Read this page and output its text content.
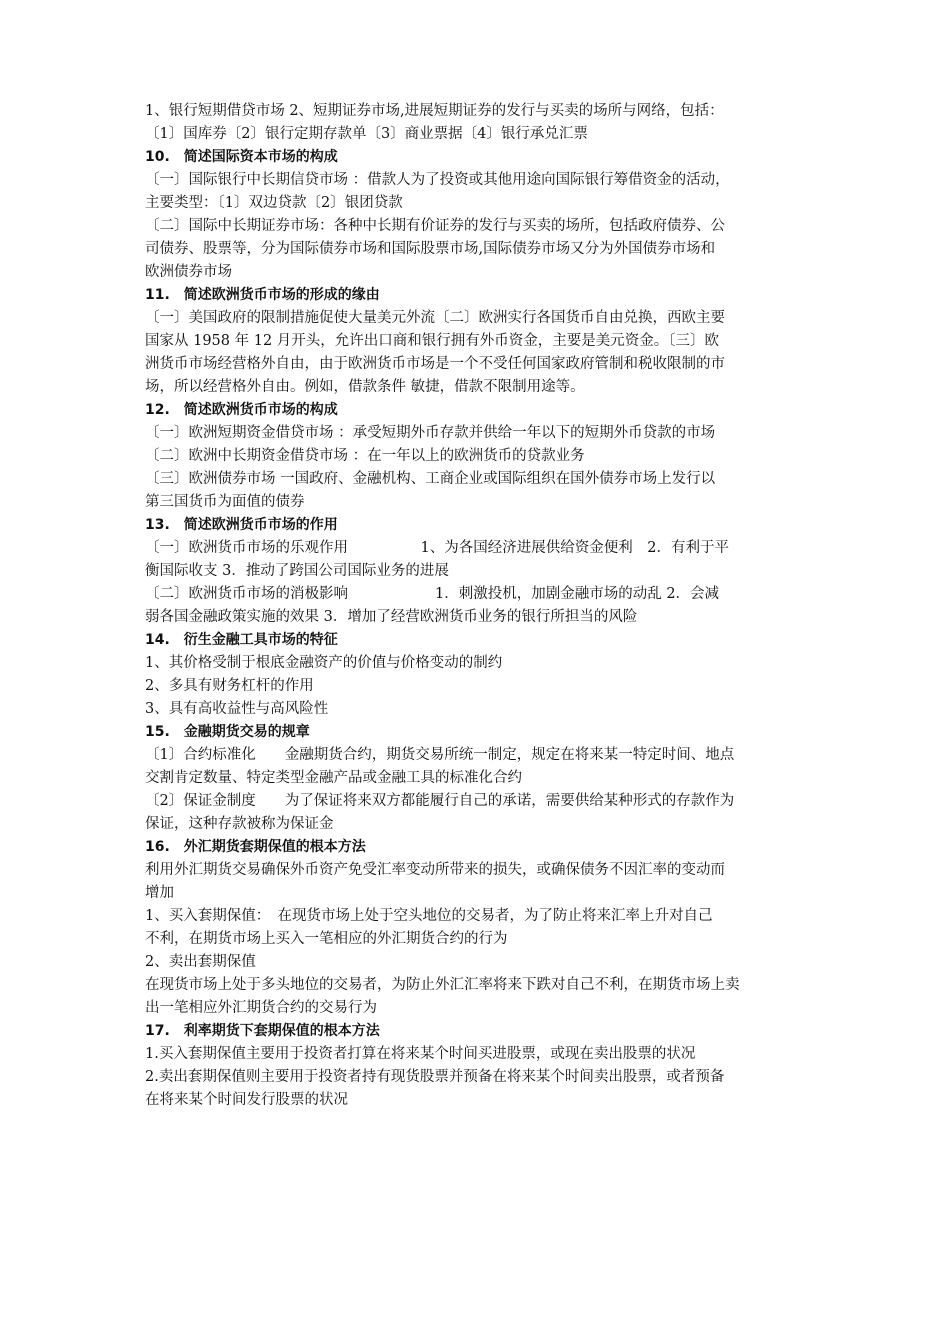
1、银行短期借贷市场 2、短期证券市场,进展短期证券的发行与买卖的场所与网络，包括：
〔1〕国库券〔2〕银行定期存款单〔3〕商业票据〔4〕银行承兑汇票
10.　简述国际资本市场的构成
〔一〕国际银行中长期信贷市场 ：借款人为了投资或其他用途向国际银行筹借资金的活动，
主要类型：〔1〕双边贷款〔2〕银团贷款
〔二〕国际中长期证券市场：各种中长期有价证券的发行与买卖的场所，包括政府债券、公
司债券、股票等，分为国际债券市场和国际股票市场,国际债券市场又分为外国债券市场和
欧洲债券市场
11.　简述欧洲货币市场的形成的缘由
〔一〕美国政府的限制措施促使大量美元外流〔二〕欧洲实行各国货币自由兑换，西欧主要
国家从 1958 年 12 月开头，允许出口商和银行拥有外币资金，主要是美元资金。〔三〕欧
洲货币市场经营格外自由，由于欧洲货币市场是一个不受任何国家政府管制和税收限制的市
场，所以经营格外自由。例如，借款条件 敏捷，借款不限制用途等。
12.　简述欧洲货币市场的构成
〔一〕欧洲短期资金借贷市场 ：承受短期外币存款并供给一年以下的短期外币贷款的市场
〔二〕欧洲中长期资金借贷市场 ：在一年以上的欧洲货币的贷款业务
〔三〕欧洲债券市场 一国政府、金融机构、工商企业或国际组织在国外债券市场上发行以
第三国货币为面值的债券
13.　简述欧洲货币市场的作用
〔一〕欧洲货币市场的乐观作用　　　　　1、为各国经济进展供给资金便利　2．有利于平
衡国际收支 3．推动了跨国公司国际业务的进展
〔二〕欧洲货币市场的消极影响　　　　　　1．刺激投机，加剧金融市场的动乱 2．会减
弱各国金融政策实施的效果 3．增加了经营欧洲货币业务的银行所担当的风险
14.　衍生金融工具市场的特征
1、其价格受制于根底金融资产的价值与价格变动的制约
2、多具有财务杠杆的作用
3、具有高收益性与高风险性
15.　金融期货交易的规章
〔1〕合约标准化　　金融期货合约，期货交易所统一制定，规定在将来某一特定时间、地点
交割肯定数量、特定类型金融产品或金融工具的标准化合约
〔2〕保证金制度　　为了保证将来双方都能履行自己的承诺，需要供给某种形式的存款作为
保证，这种存款被称为保证金
16.　外汇期货套期保值的根本方法
利用外汇期货交易确保外币资产免受汇率变动所带来的损失，或确保债务不因汇率的变动而
增加
1、买入套期保值：　在现货市场上处于空头地位的交易者，为了防止将来汇率上升对自己
不利，在期货市场上买入一笔相应的外汇期货合约的行为
2、卖出套期保值
在现货市场上处于多头地位的交易者，为防止外汇汇率将来下跌对自己不利，在期货市场上卖
出一笔相应外汇期货合约的交易行为
17.　利率期货下套期保值的根本方法
1.买入套期保值主要用于投资者打算在将来某个时间买进股票，或现在卖出股票的状况
2.卖出套期保值则主要用于投资者持有现货股票并预备在将来某个时间卖出股票，或者预备
在将来某个时间发行股票的状况
